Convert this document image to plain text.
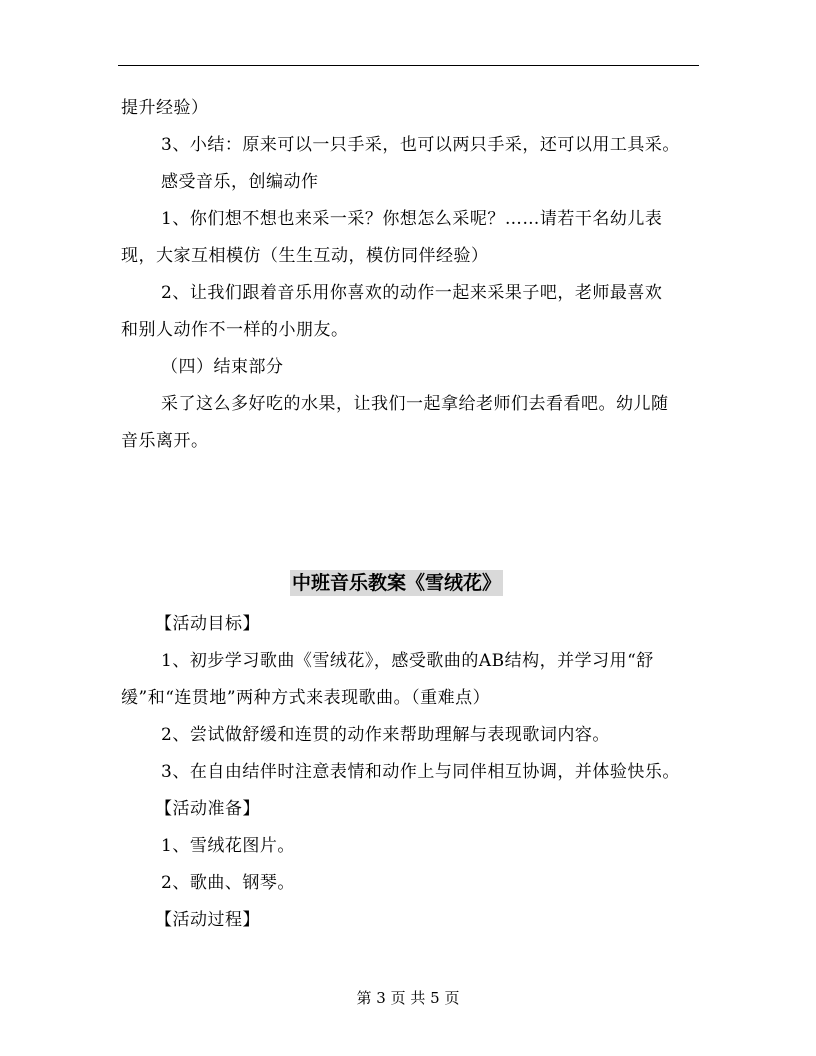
提升经验）
3、小结：原来可以一只手采，也可以两只手采，还可以用工具采。
感受音乐，创编动作
1、你们想不想也来采一采？你想怎么采呢？……请若干名幼儿表
现，大家互相模仿（生生互动，模仿同伴经验）
2、让我们跟着音乐用你喜欢的动作一起来采果子吧，老师最喜欢
和别人动作不一样的小朋友。
（四）结束部分
采了这么多好吃的水果，让我们一起拿给老师们去看看吧。幼儿随
音乐离开。
中班音乐教案《雪绒花》
【活动目标】
1、初步学习歌曲《雪绒花》，感受歌曲的AB结构，并学习用“舒
缓”和“连贯地”两种方式来表现歌曲。（重难点）
2、尝试做舒缓和连贯的动作来帮助理解与表现歌词内容。
3、在自由结伴时注意表情和动作上与同伴相互协调，并体验快乐。
【活动准备】
1、雪绒花图片。
2、歌曲、钢琴。
【活动过程】
第 3 页 共 5 页
